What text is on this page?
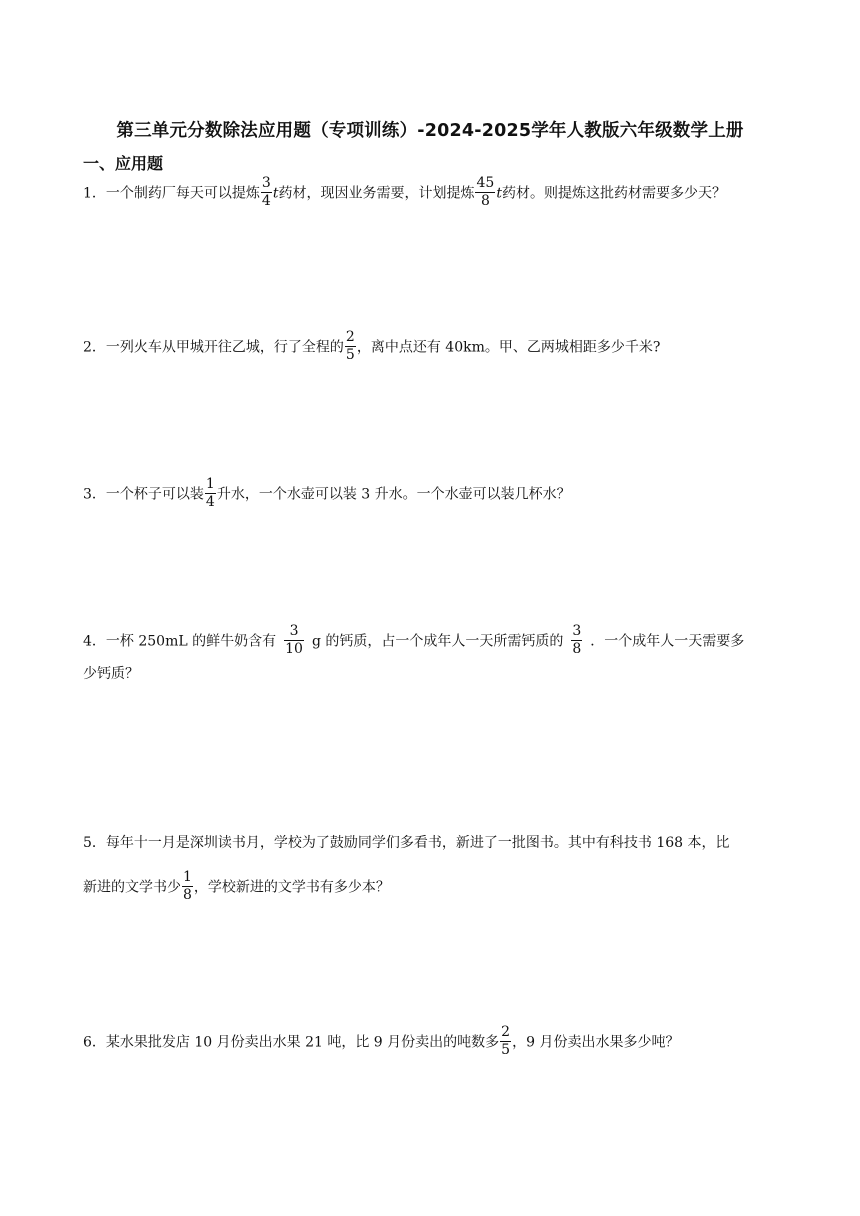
第三单元分数除法应用题（专项训练）-2024-2025学年人教版六年级数学上册
一、应用题
1．一个制药厂每天可以提炼 $\frac{3}{4}$ t药材，现因业务需要，计划提炼 $\frac{45}{8}$ t药材。则提炼这批药材需要多少天？
2．一列火车从甲城开往乙城，行了全程的 $\frac{2}{5}$ ，离中点还有 40km。甲、乙两城相距多少千米?
3．一个杯子可以装 $\frac{1}{4}$ 升水，一个水壶可以装 3 升水。一个水壶可以装几杯水？
4．一杯 250mL 的鲜牛奶含有 $\frac{3}{10}$ g 的钙质，占一个成年人一天所需钙质的 $\frac{3}{8}$ ．一个成年人一天需要多
少钙质？
5．每年十一月是深圳读书月，学校为了鼓励同学们多看书，新进了一批图书。其中有科技书 168 本，比
新进的文学书少 $\frac{1}{8}$ ，学校新进的文学书有多少本？
6．某水果批发店 10 月份卖出水果 21 吨，比 9 月份卖出的吨数多 $\frac{2}{5}$ ，9 月份卖出水果多少吨？
